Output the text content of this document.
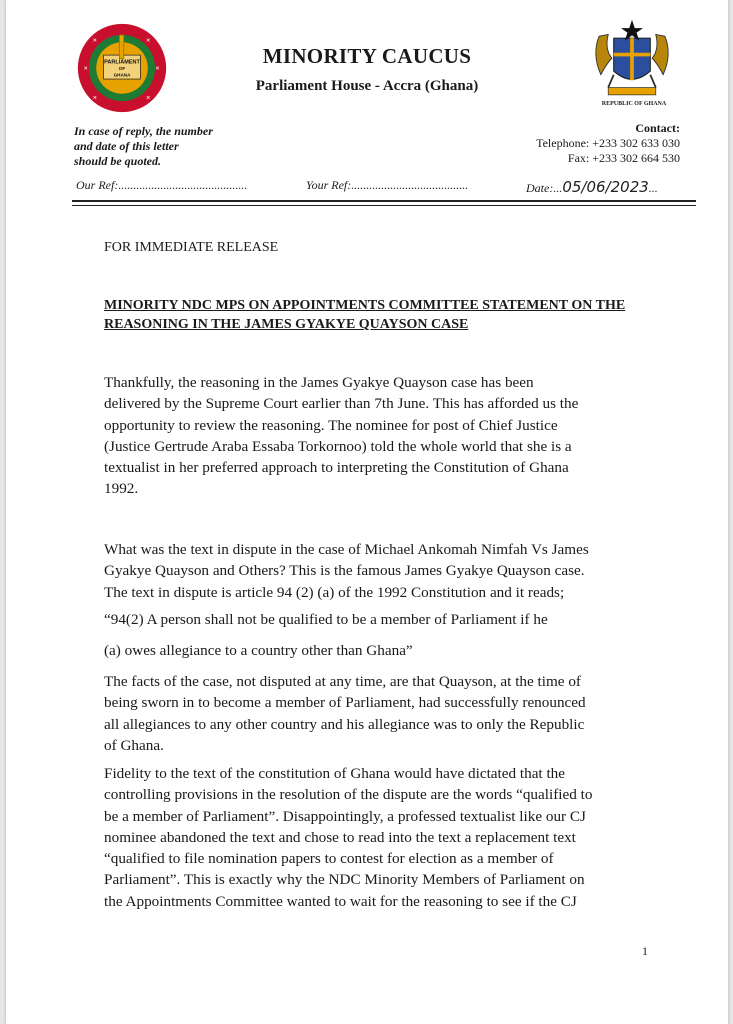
✕	✕
✕	✕
✕	✕
PARLIAMENT
OF
GHANA
MINORITY CAUCUS
Parliament House - Accra (Ghana)
REPUBLIC OF GHANA
In case of reply, the number
and date of this letter
should be quoted.
Contact:
Telephone: +233 302 633 030
Fax: +233 302 664 530
Our Ref:...........................................	Your Ref:.......................................	Date:...05/06/2023...
FOR IMMEDIATE RELEASE
MINORITY NDC MPS ON APPOINTMENTS COMMITTEE STATEMENT ON THE
REASONING IN THE JAMES GYAKYE QUAYSON CASE
Thankfully, the reasoning in the James Gyakye Quayson case has been
delivered by the Supreme Court earlier than 7th June. This has afforded us the
opportunity to review the reasoning. The nominee for post of Chief Justice
(Justice Gertrude Araba Essaba Torkornoo) told the whole world that she is a
textualist in her preferred approach to interpreting the Constitution of Ghana
1992.
What was the text in dispute in the case of Michael Ankomah Nimfah Vs James
Gyakye Quayson and Others? This is the famous James Gyakye Quayson case.
The text in dispute is article 94 (2) (a) of the 1992 Constitution and it reads;
“94(2) A person shall not be qualified to be a member of Parliament if he
(a) owes allegiance to a country other than Ghana”
The facts of the case, not disputed at any time, are that Quayson, at the time of
being sworn in to become a member of Parliament, had successfully renounced
all allegiances to any other country and his allegiance was to only the Republic
of Ghana.
Fidelity to the text of the constitution of Ghana would have dictated that the
controlling provisions in the resolution of the dispute are the words “qualified to
be a member of Parliament”. Disappointingly, a professed textualist like our CJ
nominee abandoned the text and chose to read into the text a replacement text
“qualified to file nomination papers to contest for election as a member of
Parliament”. This is exactly why the NDC Minority Members of Parliament on
the Appointments Committee wanted to wait for the reasoning to see if the CJ
1
